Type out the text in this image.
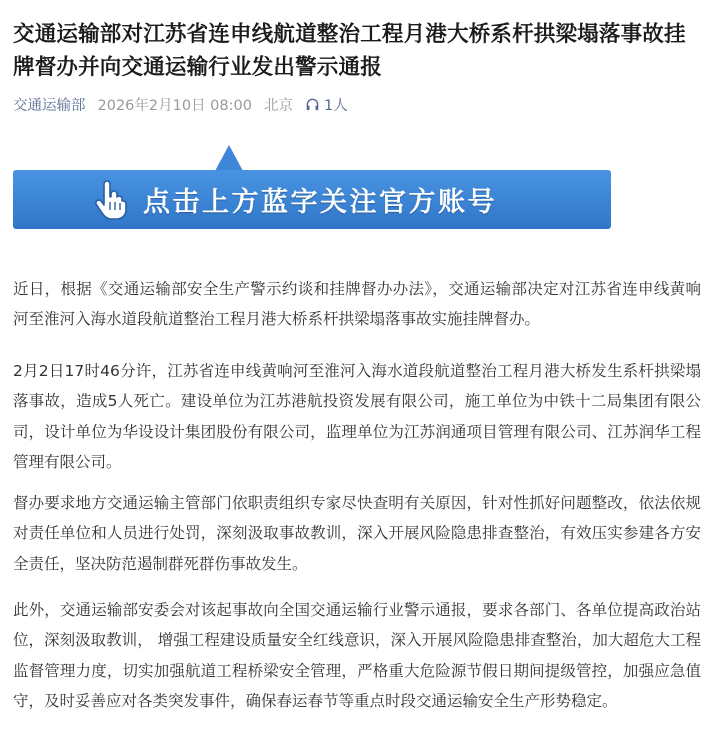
交通运输部对江苏省连申线航道整治工程月港大桥系杆拱梁塌落事故挂牌督办并向交通运输行业发出警示通报
交通运输部 2026年2月10日 08:00 北京 1人
点击上方蓝字关注官方账号

近日，根据《交通运输部安全生产警示约谈和挂牌督办办法》，交通运输部决定对江苏省连申线黄响河至淮河入海水道段航道整治工程月港大桥系杆拱梁塌落事故实施挂牌督办。

2月2日17时46分许，江苏省连申线黄响河至淮河入海水道段航道整治工程月港大桥发生系杆拱梁塌落事故，造成5人死亡。建设单位为江苏港航投资发展有限公司，施工单位为中铁十二局集团有限公司，设计单位为华设设计集团股份有限公司，监理单位为江苏润通项目管理有限公司、江苏润华工程管理有限公司。

督办要求地方交通运输主管部门依职责组织专家尽快查明有关原因，针对性抓好问题整改，依法依规对责任单位和人员进行处罚，深刻汲取事故教训，深入开展风险隐患排查整治，有效压实参建各方安全责任，坚决防范遏制群死群伤事故发生。

此外，交通运输部安委会对该起事故向全国交通运输行业警示通报，要求各部门、各单位提高政治站位，深刻汲取教训， 增强工程建设质量安全红线意识，深入开展风险隐患排查整治，加大超危大工程监督管理力度，切实加强航道工程桥梁安全管理，严格重大危险源节假日期间提级管控，加强应急值守，及时妥善应对各类突发事件，确保春运春节等重点时段交通运输安全生产形势稳定。
